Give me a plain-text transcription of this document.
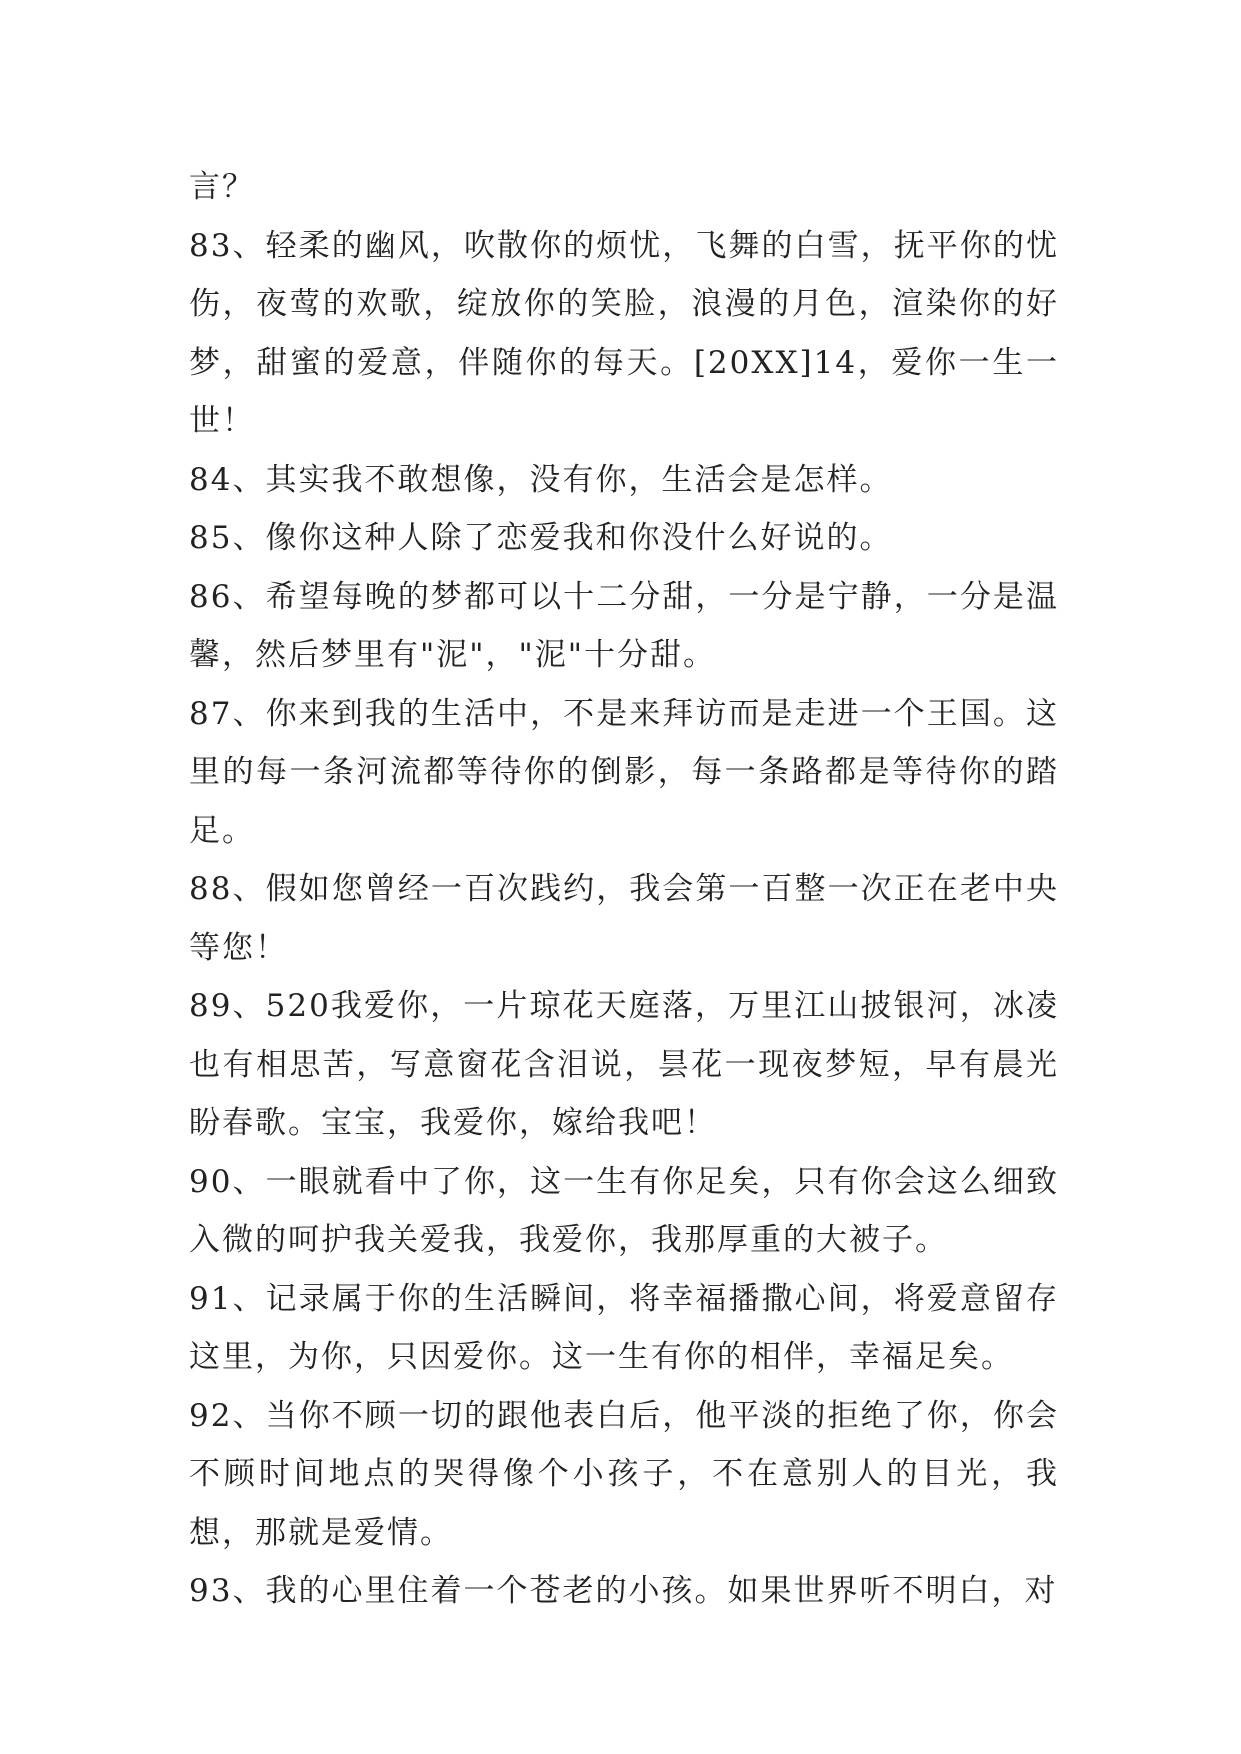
言？

83、轻柔的幽风，吹散你的烦忧，飞舞的白雪，抚平你的忧伤，夜莺的欢歌，绽放你的笑脸，浪漫的月色，渲染你的好梦，甜蜜的爱意，伴随你的每天。[20XX]14，爱你一生一世！

84、其实我不敢想像，没有你，生活会是怎样。

85、像你这种人除了恋爱我和你没什么好说的。

86、希望每晚的梦都可以十二分甜，一分是宁静，一分是温馨，然后梦里有"泥"，"泥"十分甜。

87、你来到我的生活中，不是来拜访而是走进一个王国。这里的每一条河流都等待你的倒影，每一条路都是等待你的踏足。

88、假如您曾经一百次践约，我会第一百整一次正在老中央等您！

89、520我爱你，一片琼花天庭落，万里江山披银河，冰凌也有相思苦，写意窗花含泪说，昙花一现夜梦短，早有晨光盼春歌。宝宝，我爱你，嫁给我吧！

90、一眼就看中了你，这一生有你足矣，只有你会这么细致入微的呵护我关爱我，我爱你，我那厚重的大被子。

91、记录属于你的生活瞬间，将幸福播撒心间，将爱意留存这里，为你，只因爱你。这一生有你的相伴，幸福足矣。

92、当你不顾一切的跟他表白后，他平淡的拒绝了你，你会不顾时间地点的哭得像个小孩子，不在意别人的目光，我想，那就是爱情。

93、我的心里住着一个苍老的小孩。如果世界听不明白，对
